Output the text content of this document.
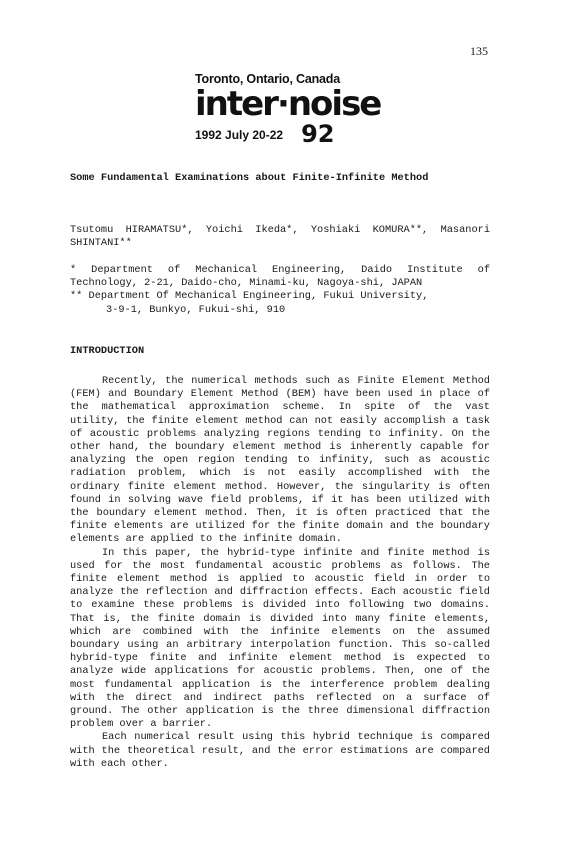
135
Toronto, Ontario, Canada
inter·noise
1992 July 20-22 92
Some Fundamental Examinations about Finite-Infinite Method
Tsutomu HIRAMATSU*, Yoichi Ikeda*, Yoshiaki KOMURA**, Masanori SHINTANI**
* Department of Mechanical Engineering, Daido Institute of Technology, 2-21, Daido-cho, Minami-ku, Nagoya-shi, JAPAN
** Department Of Mechanical Engineering, Fukui University,
3-9-1, Bunkyo, Fukui-shi, 910
INTRODUCTION

Recently, the numerical methods such as Finite Element Method (FEM) and Boundary Element Method (BEM) have been used in place of the mathematical approximation scheme. In spite of the vast utility, the finite element method can not easily accomplish a task of acoustic problems analyzing regions tending to infinity. On the other hand, the boundary element method is inherently capable for analyzing the open region tending to infinity, such as acoustic radiation problem, which is not easily accomplished with the ordinary finite element method. However, the singularity is often found in solving wave field problems, if it has been utilized with the boundary element method. Then, it is often practiced that the finite elements are utilized for the finite domain and the boundary elements are applied to the infinite domain.

In this paper, the hybrid-type infinite and finite method is used for the most fundamental acoustic problems as follows. The finite element method is applied to acoustic field in order to analyze the reflection and diffraction effects. Each acoustic field to examine these problems is divided into following two domains. That is, the finite domain is divided into many finite elements, which are combined with the infinite elements on the assumed boundary using an arbitrary interpolation function. This so-called hybrid-type finite and infinite element method is expected to analyze wide applications for acoustic problems. Then, one of the most fundamental application is the interference problem dealing with the direct and indirect paths reflected on a surface of ground. The other application is the three dimensional diffraction problem over a barrier.

Each numerical result using this hybrid technique is compared with the theoretical result, and the error estimations are compared with each other.
